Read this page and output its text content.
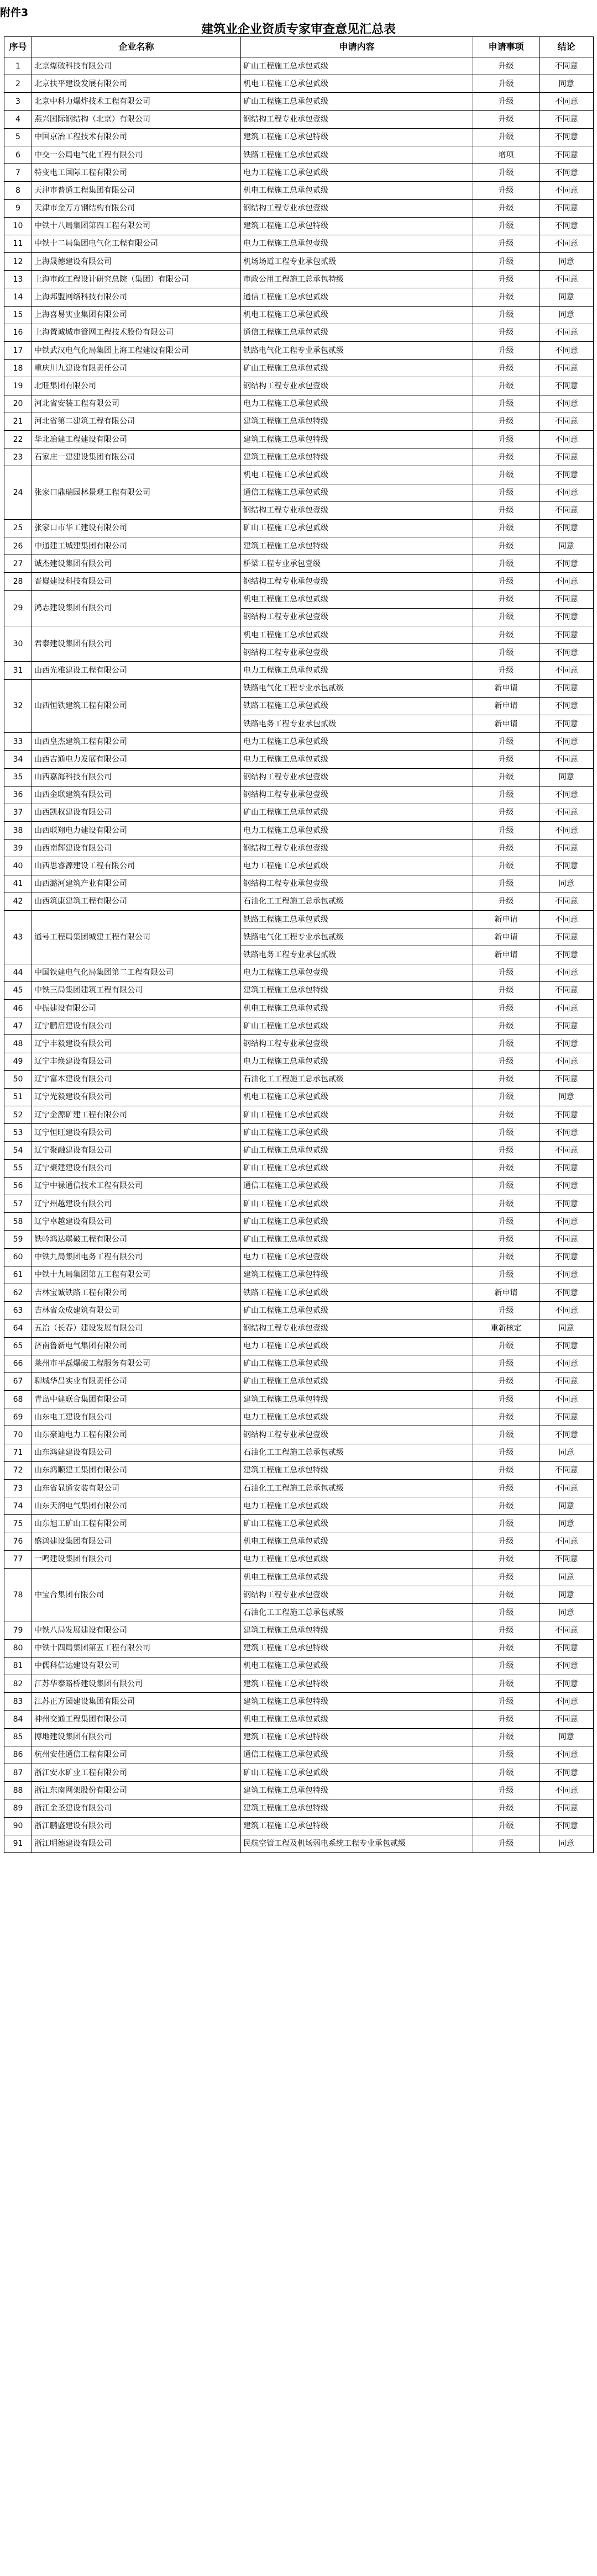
附件3
建筑业企业资质专家审查意见汇总表
序号	企业名称	申请内容	申请事项	结论
1	北京爆破科技有限公司	矿山工程施工总承包贰级	升级	不同意
2	北京扶平建设发展有限公司	机电工程施工总承包贰级	升级	同意
3	北京中科力爆炸技术工程有限公司	矿山工程施工总承包贰级	升级	不同意
4	燕兴国际钢结构（北京）有限公司	钢结构工程专业承包壹级	升级	不同意
5	中国京冶工程技术有限公司	建筑工程施工总承包特级	升级	不同意
6	中交一公局电气化工程有限公司	铁路工程施工总承包贰级	增项	不同意
7	特变电工国际工程有限公司	电力工程施工总承包贰级	升级	不同意
8	天津市普通工程集团有限公司	机电工程施工总承包贰级	升级	不同意
9	天津市金万方钢结构有限公司	钢结构工程专业承包壹级	升级	不同意
10	中铁十八局集团第四工程有限公司	建筑工程施工总承包特级	升级	不同意
11	中铁十二局集团电气化工程有限公司	电力工程施工总承包壹级	升级	不同意
12	上海晟德建设有限公司	机场场道工程专业承包贰级	升级	同意
13	上海市政工程设计研究总院（集团）有限公司	市政公用工程施工总承包特级	升级	不同意
14	上海邦盟网络科技有限公司	通信工程施工总承包贰级	升级	同意
15	上海喜易实业集团有限公司	机电工程施工总承包贰级	升级	同意
16	上海置诚城市管网工程技术股份有限公司	通信工程施工总承包贰级	升级	不同意
17	中铁武汉电气化局集团上海工程建设有限公司	铁路电气化工程专业承包贰级	升级	不同意
18	重庆川九建设有限责任公司	矿山工程施工总承包贰级	升级	不同意
19	北旺集团有限公司	钢结构工程专业承包壹级	升级	不同意
20	河北省安装工程有限公司	电力工程施工总承包贰级	升级	不同意
21	河北省第二建筑工程有限公司	建筑工程施工总承包特级	升级	不同意
22	华北冶建工程建设有限公司	建筑工程施工总承包特级	升级	不同意
23	石家庄一建建设集团有限公司	建筑工程施工总承包特级	升级	不同意
24	张家口鼎瑞园林景观工程有限公司	机电工程施工总承包贰级	升级	不同意
		通信工程施工总承包贰级	升级	不同意
		钢结构工程专业承包壹级	升级	不同意
25	张家口市华工建设有限公司	矿山工程施工总承包贰级	升级	不同意
26	中通建工城建集团有限公司	建筑工程施工总承包特级	升级	同意
27	诚杰建设集团有限公司	桥梁工程专业承包壹级	升级	不同意
28	晋嶷建设科技有限公司	钢结构工程专业承包壹级	升级	不同意
29	鸿志建设集团有限公司	机电工程施工总承包贰级	升级	不同意
		钢结构工程专业承包壹级	升级	不同意
30	君泰建设集团有限公司	机电工程施工总承包贰级	升级	不同意
		钢结构工程专业承包壹级	升级	不同意
31	山西光雅建设工程有限公司	电力工程施工总承包贰级	升级	不同意
32	山西恒铁建筑工程有限公司	铁路电气化工程专业承包贰级	新申请	不同意
		铁路工程施工总承包贰级	新申请	不同意
		铁路电务工程专业承包贰级	新申请	不同意
33	山西皇杰建筑工程有限公司	电力工程施工总承包贰级	升级	不同意
34	山西吉通电力发展有限公司	电力工程施工总承包贰级	升级	不同意
35	山西嘉海科技有限公司	钢结构工程专业承包壹级	升级	同意
36	山西金联建筑有限公司	钢结构工程专业承包壹级	升级	不同意
37	山西凯权建设有限公司	矿山工程施工总承包贰级	升级	不同意
38	山西联翔电力建设有限公司	电力工程施工总承包贰级	升级	不同意
39	山西南辉建设有限公司	钢结构工程专业承包壹级	升级	不同意
40	山西思睿源建设工程有限公司	电力工程施工总承包贰级	升级	不同意
41	山西潞河建筑产业有限公司	钢结构工程专业承包壹级	升级	同意
42	山西筑康建筑工程有限公司	石油化工工程施工总承包贰级	升级	不同意
43	通号工程局集团城建工程有限公司	铁路工程施工总承包贰级	新申请	不同意
		铁路电气化工程专业承包贰级	新申请	不同意
		铁路电务工程专业承包贰级	新申请	不同意
44	中国铁建电气化局集团第二工程有限公司	电力工程施工总承包壹级	升级	不同意
45	中铁三局集团建筑工程有限公司	建筑工程施工总承包特级	升级	不同意
46	中振建设有限公司	机电工程施工总承包贰级	升级	不同意
47	辽宁鹏启建设有限公司	矿山工程施工总承包贰级	升级	不同意
48	辽宁丰毅建设有限公司	钢结构工程专业承包壹级	升级	不同意
49	辽宁丰焕建设有限公司	电力工程施工总承包贰级	升级	不同意
50	辽宁富本建设有限公司	石油化工工程施工总承包贰级	升级	不同意
51	辽宁光毅建设有限公司	机电工程施工总承包贰级	升级	同意
52	辽宁金源矿建工程有限公司	矿山工程施工总承包贰级	升级	不同意
53	辽宁恒旺建设有限公司	矿山工程施工总承包贰级	升级	不同意
54	辽宁聚融建设有限公司	矿山工程施工总承包贰级	升级	不同意
55	辽宁聚建建设有限公司	矿山工程施工总承包贰级	升级	不同意
56	辽宁中禄通信技术工程有限公司	通信工程施工总承包贰级	升级	不同意
57	辽宁州越建设有限公司	矿山工程施工总承包贰级	升级	不同意
58	辽宁卓越建设有限公司	矿山工程施工总承包贰级	升级	不同意
59	铁岭鸿达爆破工程有限公司	矿山工程施工总承包贰级	升级	不同意
60	中铁九局集团电务工程有限公司	电力工程施工总承包壹级	升级	不同意
61	中铁十九局集团第五工程有限公司	建筑工程施工总承包特级	升级	不同意
62	吉林宝诚铁路工程有限公司	铁路工程施工总承包贰级	新申请	不同意
63	吉林省众成建筑有限公司	矿山工程施工总承包贰级	升级	不同意
64	五冶（长春）建设发展有限公司	钢结构工程专业承包壹级	重新核定	同意
65	济南鲁新电气集团有限公司	电力工程施工总承包贰级	升级	不同意
66	莱州市平磊爆破工程服务有限公司	矿山工程施工总承包贰级	升级	不同意
67	聊城华昌实业有限责任公司	矿山工程施工总承包贰级	升级	不同意
68	青岛中建联合集团有限公司	建筑工程施工总承包特级	升级	不同意
69	山东电工建设有限公司	电力工程施工总承包贰级	升级	不同意
70	山东豪迪电力工程有限公司	钢结构工程专业承包壹级	升级	不同意
71	山东鸿建建设有限公司	石油化工工程施工总承包贰级	升级	同意
72	山东鸿顺建工集团有限公司	建筑工程施工总承包特级	升级	不同意
73	山东省显通安装有限公司	石油化工工程施工总承包贰级	升级	不同意
74	山东天润电气集团有限公司	电力工程施工总承包贰级	升级	同意
75	山东旭工矿山工程有限公司	矿山工程施工总承包贰级	升级	同意
76	盛鸿建设集团有限公司	机电工程施工总承包贰级	升级	不同意
77	一鸣建设集团有限公司	电力工程施工总承包贰级	升级	不同意
78	中宝合集团有限公司	机电工程施工总承包贰级	升级	同意
		钢结构工程专业承包壹级	升级	同意
		石油化工工程施工总承包贰级	升级	同意
79	中铁八局发展建设有限公司	建筑工程施工总承包特级	升级	不同意
80	中铁十四局集团第五工程有限公司	建筑工程施工总承包特级	升级	不同意
81	中儒科信达建设有限公司	机电工程施工总承包贰级	升级	不同意
82	江苏华泰路桥建设集团有限公司	建筑工程施工总承包特级	升级	不同意
83	江苏正方园建设集团有限公司	建筑工程施工总承包特级	升级	不同意
84	神州交通工程集团有限公司	机电工程施工总承包贰级	升级	不同意
85	博地建设集团有限公司	建筑工程施工总承包特级	升级	同意
86	杭州安佳通信工程有限公司	通信工程施工总承包贰级	升级	不同意
87	浙江安水矿业工程有限公司	矿山工程施工总承包贰级	升级	不同意
88	浙江东南网架股份有限公司	建筑工程施工总承包特级	升级	不同意
89	浙江金圣建设有限公司	建筑工程施工总承包特级	升级	不同意
90	浙江鹏盛建设有限公司	建筑工程施工总承包特级	升级	不同意
91	浙江明德建设有限公司	民航空管工程及机场弱电系统工程专业承包贰级	升级	同意
